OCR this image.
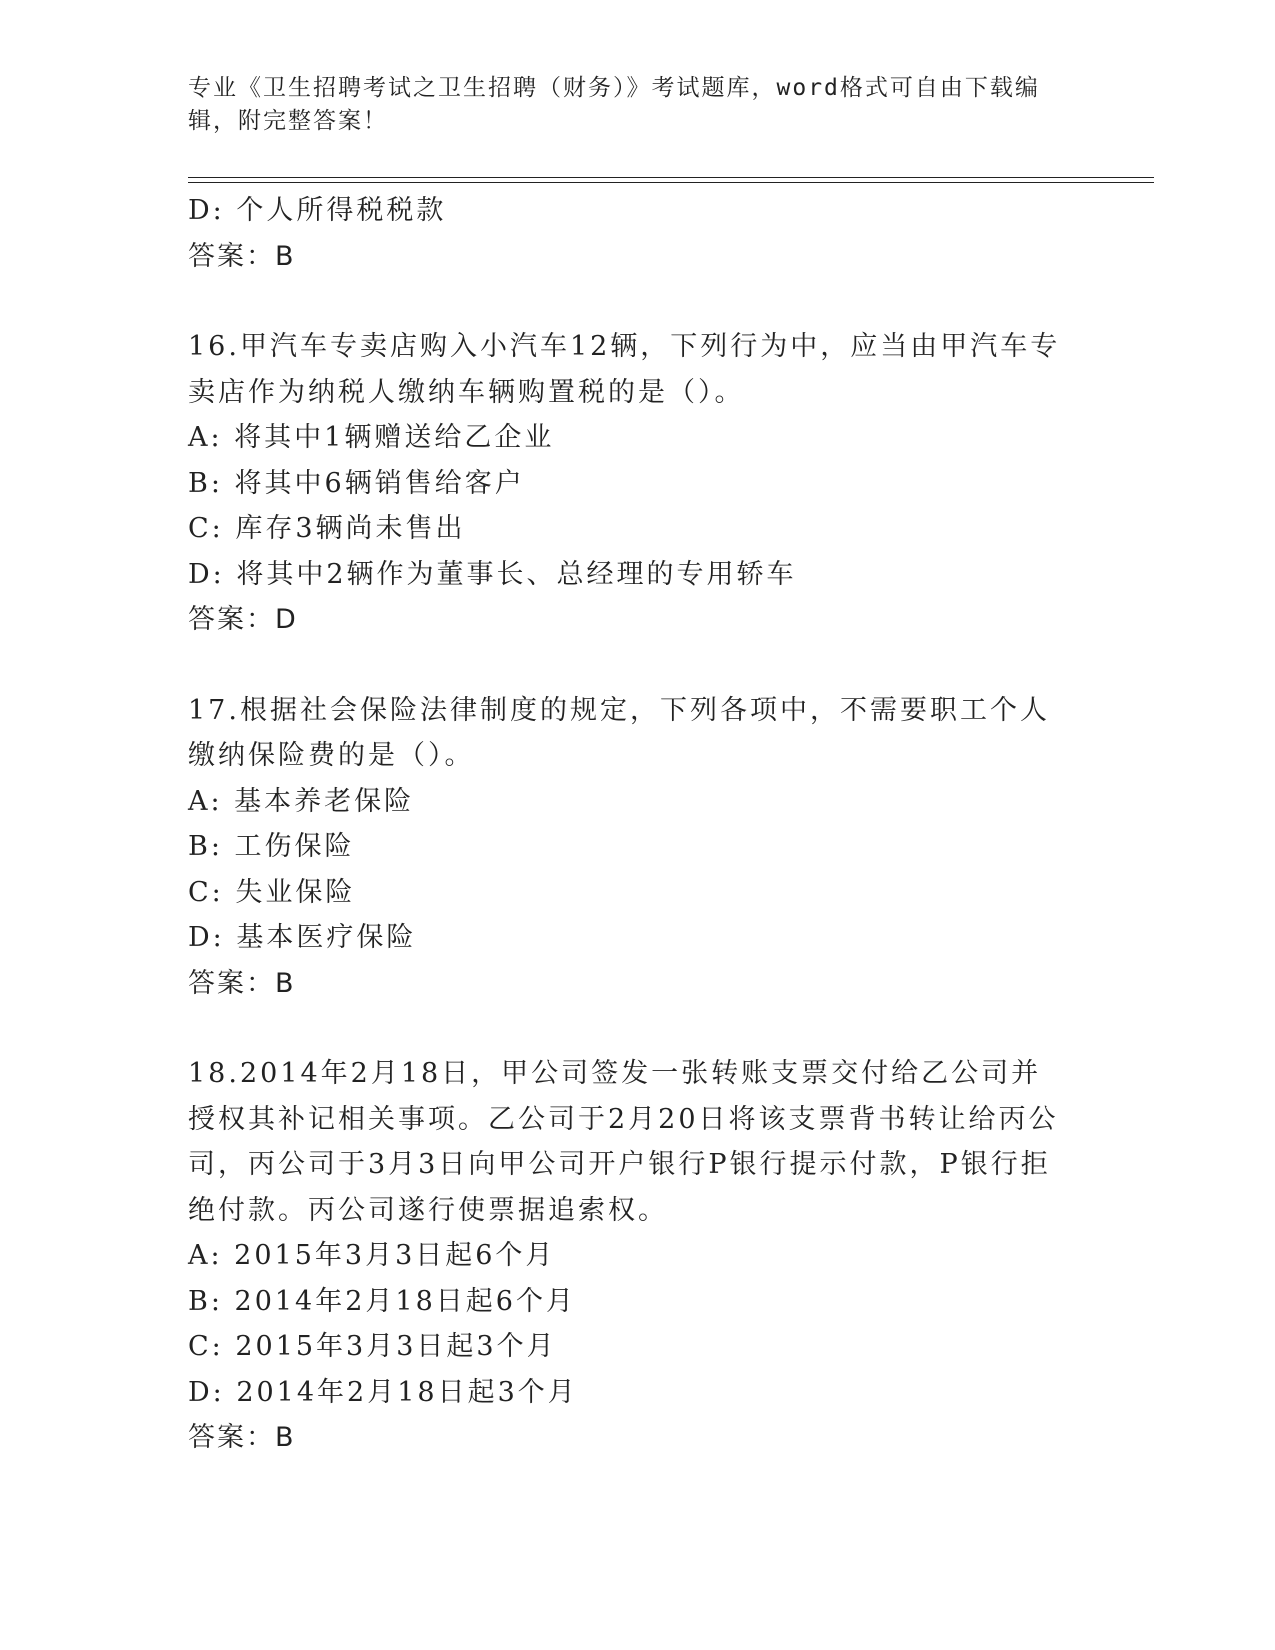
专业《卫生招聘考试之卫生招聘（财务）》考试题库，word格式可自由下载编辑，附完整答案！
D: 个人所得税税款
答案：B
16.甲汽车专卖店购入小汽车12辆，下列行为中，应当由甲汽车专卖店作为纳税人缴纳车辆购置税的是（）。
A: 将其中1辆赠送给乙企业
B: 将其中6辆销售给客户
C: 库存3辆尚未售出
D: 将其中2辆作为董事长、总经理的专用轿车
答案：D
17.根据社会保险法律制度的规定，下列各项中，不需要职工个人缴纳保险费的是（）。
A: 基本养老保险
B: 工伤保险
C: 失业保险
D: 基本医疗保险
答案：B
18.2014年2月18日，甲公司签发一张转账支票交付给乙公司并授权其补记相关事项。乙公司于2月20日将该支票背书转让给丙公司，丙公司于3月3日向甲公司开户银行P银行提示付款，P银行拒绝付款。丙公司遂行使票据追索权。
A: 2015年3月3日起6个月
B: 2014年2月18日起6个月
C: 2015年3月3日起3个月
D: 2014年2月18日起3个月
答案：B
